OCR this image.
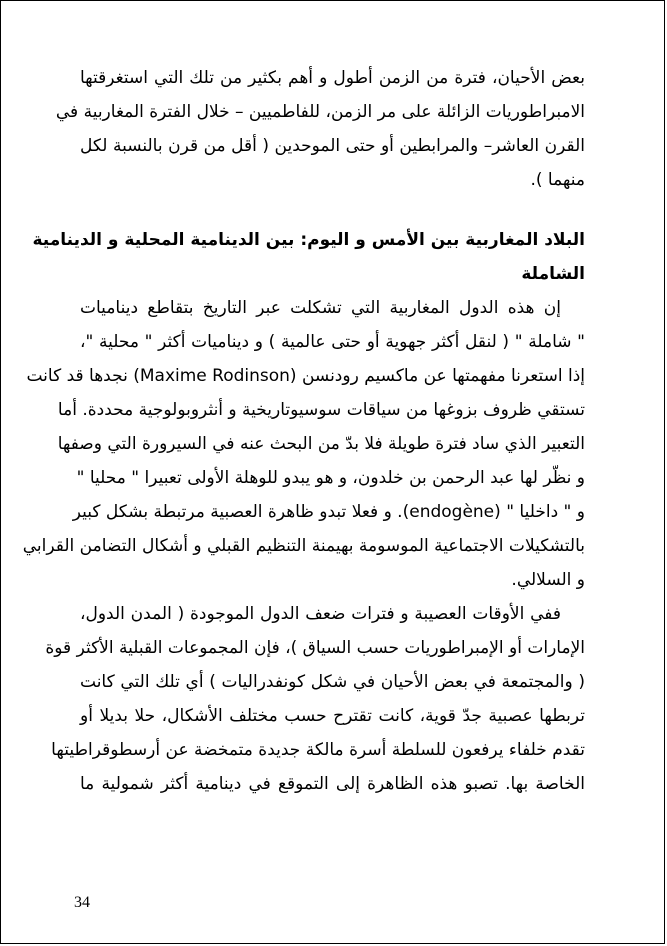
بعض الأحيان، فترة من الزمن أطول و أهم بكثير من تلك التي استغرقتها
الامبراطوريات الزائلة على مر الزمن، للفاطميين – خلال الفترة المغاربية في
القرن العاشر– والمرابطين أو حتى الموحدين ( أقل من قرن بالنسبة لكل
منهما ).
البلاد المغاربية بين الأمس و اليوم: بين الدينامية المحلية و الدينامية
الشاملة
إن هذه الدول المغاربية التي تشكلت عبر التاريخ بتقاطع ديناميات
" شاملة " ( لنقل أكثر جهوية أو حتى عالمية ) و ديناميات أكثر " محلية "،
إذا استعرنا مفهمتها عن ماكسيم رودنسن (Maxime Rodinson) نجدها قد كانت
تستقي ظروف بزوغها من سياقات سوسيوتاريخية و أنثروبولوجية محددة. أما
التعبير الذي ساد فترة طويلة فلا بدّ من البحث عنه في السيرورة التي وصفها
و نظّر لها عبد الرحمن بن خلدون، و هو يبدو للوهلة الأولى تعبيرا " محليا "
و " داخليا " (endogène). و فعلا تبدو ظاهرة العصبية مرتبطة بشكل كبير
بالتشكيلات الاجتماعية الموسومة بهيمنة التنظيم القبلي و أشكال التضامن القرابي
و السلالي.
ففي الأوقات العصيبة و فترات ضعف الدول الموجودة ( المدن الدول،
الإمارات أو الإمبراطوريات حسب السياق )، فإن المجموعات القبلية الأكثر قوة
( والمجتمعة في بعض الأحيان في شكل كونفدراليات ) أي تلك التي كانت
تربطها عصبية جدّ قوية، كانت تقترح حسب مختلف الأشكال، حلا بديلا أو
تقدم خلفاء يرفعون للسلطة أسرة مالكة جديدة متمخضة عن أرسطوقراطيتها
الخاصة بها. تصبو هذه الظاهرة إلى التموقع في دينامية أكثر شمولية ما
34
